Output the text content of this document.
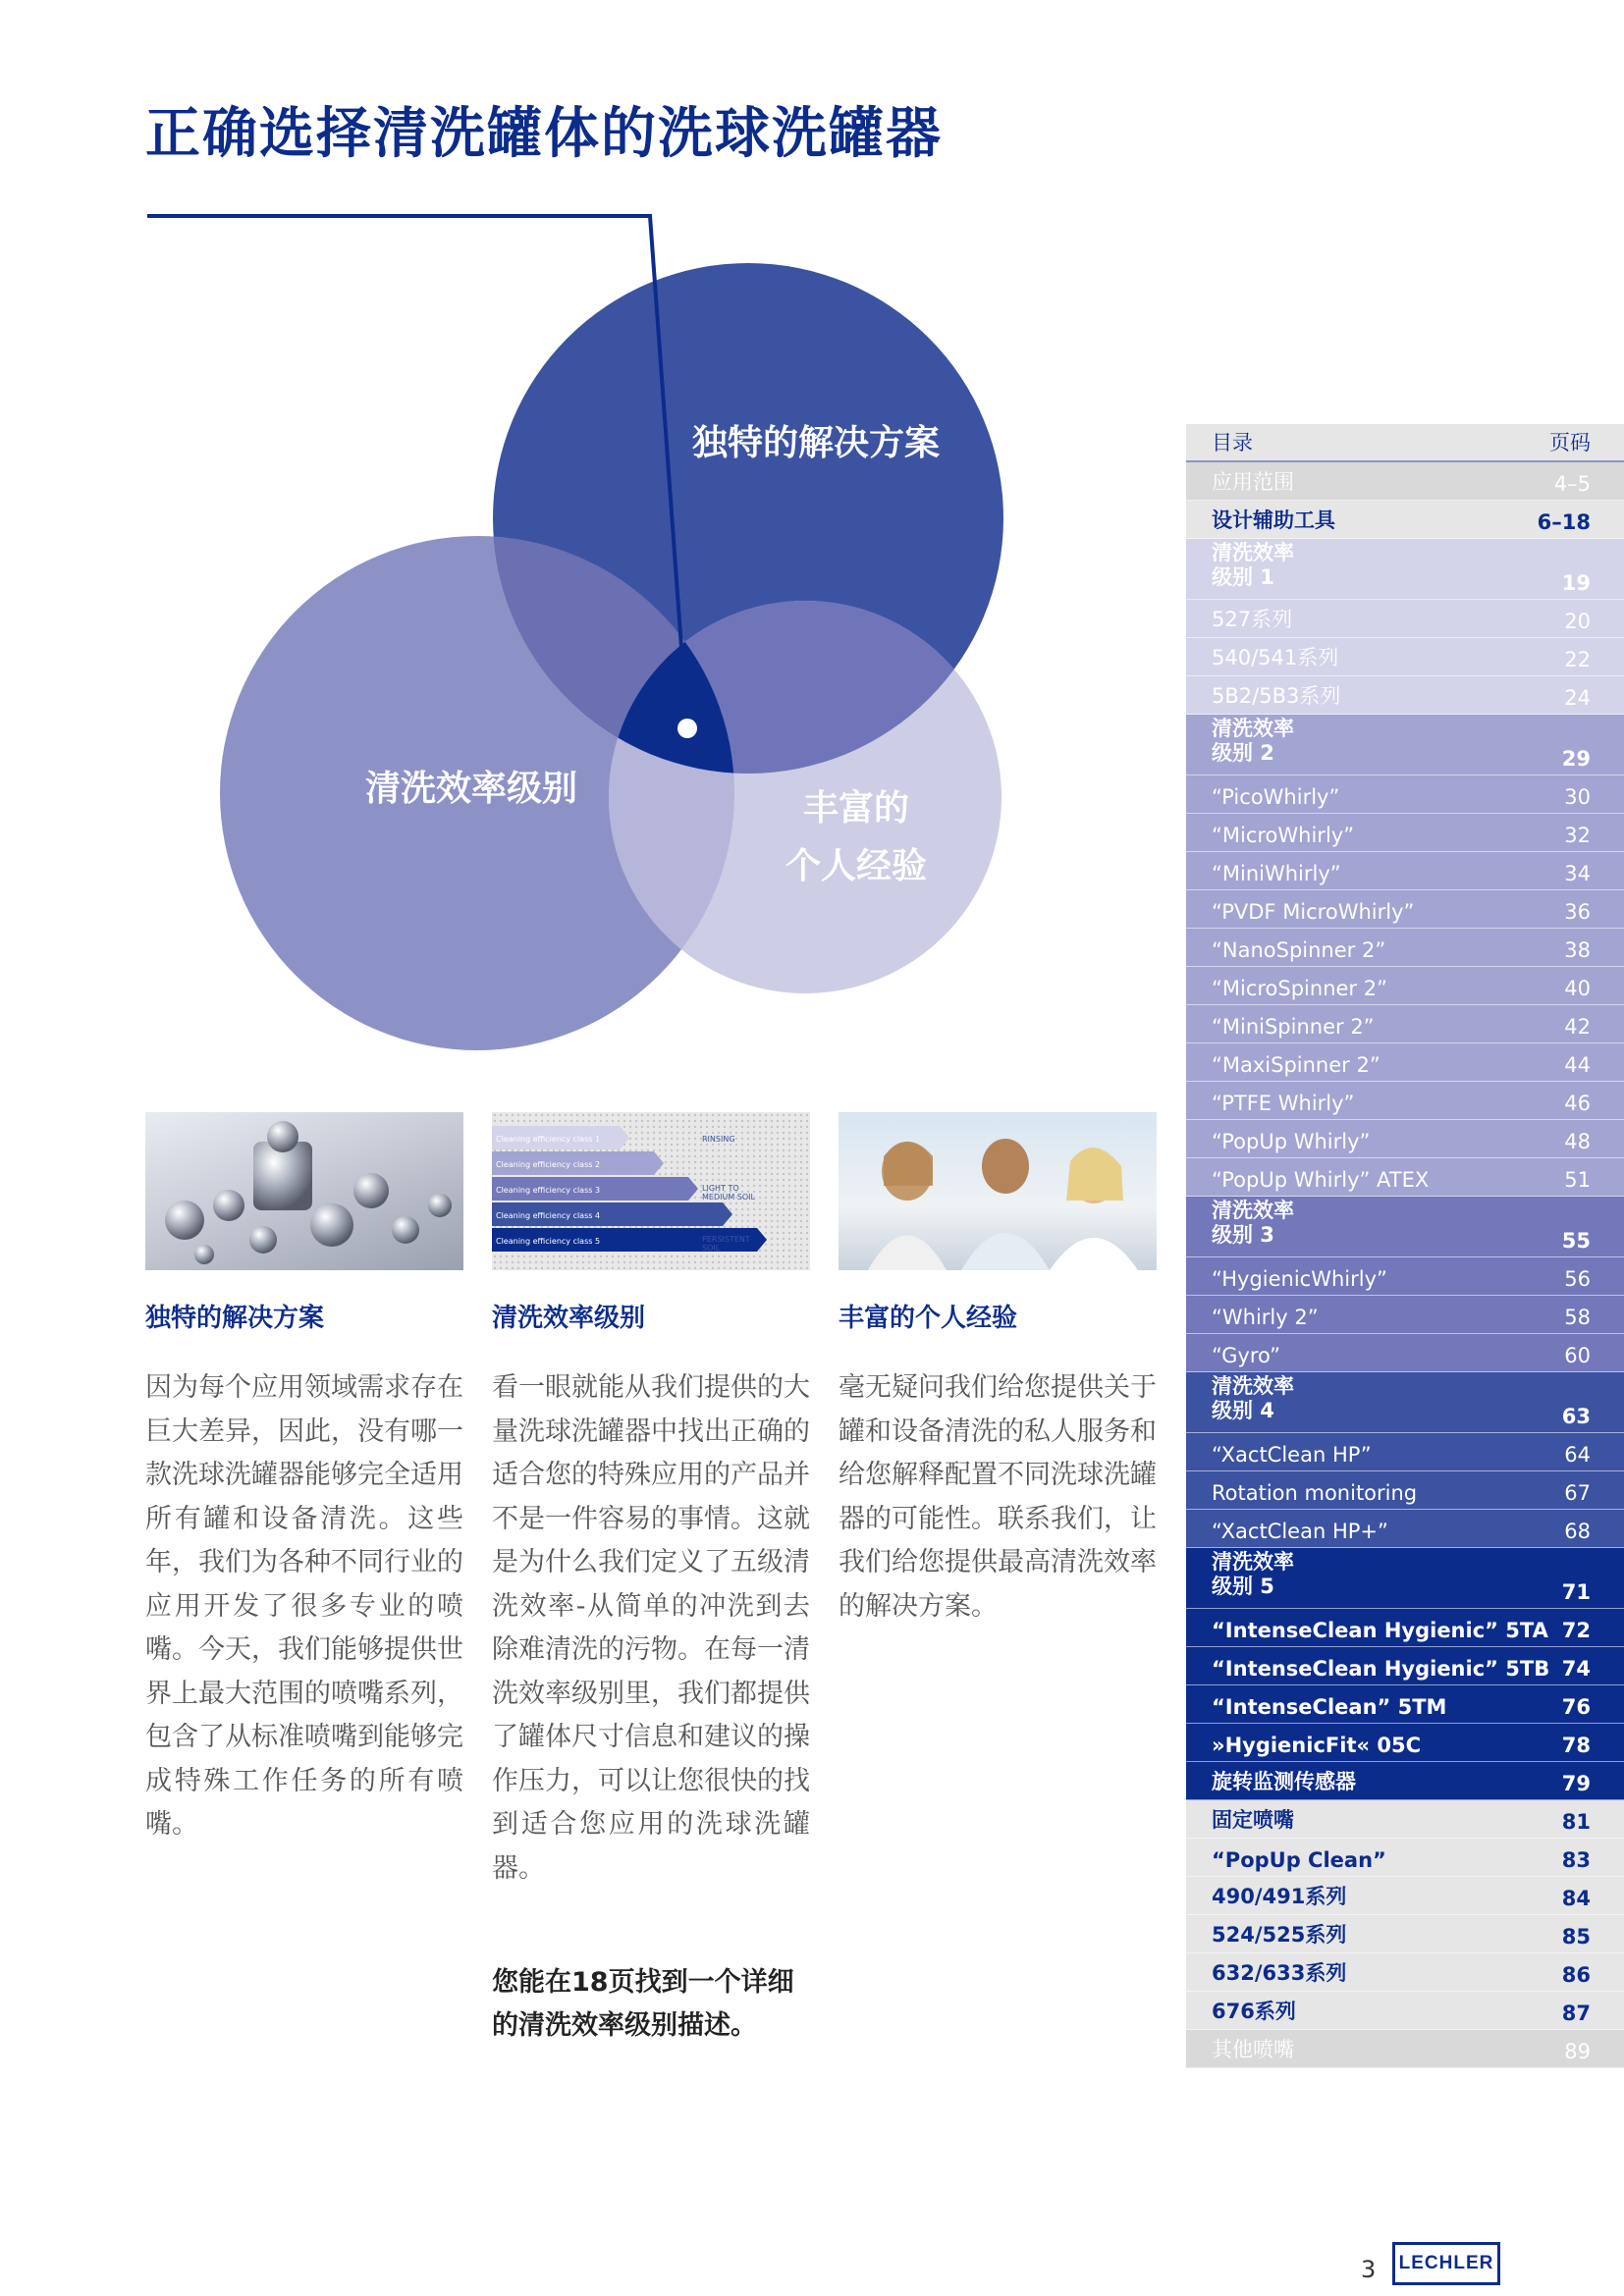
正确选择清洗罐体的洗球洗罐器
独特的解决方案
清洗效率级别	丰富的
个人经验
独特的解决方案

因为每个应用领域需求存在巨大差异，因此，没有哪一款洗球洗罐器能够完全适用所有罐和设备清洗。这些年，我们为各种不同行业的应用开发了很多专业的喷嘴。今天，我们能够提供世界上最大范围的喷嘴系列，包含了从标准喷嘴到能够完成特殊工作任务的所有喷嘴。

Cleaning efficiency class 1
Cleaning efficiency class 2
Cleaning efficiency class 3
Cleaning efficiency class 4
Cleaning efficiency class 5
RINSING
LIGHT TO MEDIUM SOIL
PERSISTENT SOIL
清洗效率级别

看一眼就能从我们提供的大量洗球洗罐器中找出正确的适合您的特殊应用的产品并不是一件容易的事情。这就是为什么我们定义了五级清洗效率-从简单的冲洗到去除难清洗的污物。在每一清洗效率级别里，我们都提供了罐体尺寸信息和建议的操作压力，可以让您很快的找到适合您应用的洗球洗罐器。

您能在18页找到一个详细的清洗效率级别描述。
丰富的个人经验

毫无疑问我们给您提供关于罐和设备清洗的私人服务和给您解释配置不同洗球洗罐器的可能性。联系我们，让我们给您提供最高清洗效率的解决方案。

目录	页码
应用范围	4–5
设计辅助工具	6–18
清洗效率
级别 1	19
527系列	20
540/541系列	22
5B2/5B3系列	24
清洗效率
级别 2	29
“PicoWhirly”	30
“MicroWhirly”	32
“MiniWhirly”	34
“PVDF MicroWhirly”	36
“NanoSpinner 2”	38
“MicroSpinner 2”	40
“MiniSpinner 2”	42
“MaxiSpinner 2”	44
“PTFE Whirly”	46
“PopUp Whirly”	48
“PopUp Whirly” ATEX	51
清洗效率
级别 3	55
“HygienicWhirly”	56
“Whirly 2”	58
“Gyro”	60
清洗效率
级别 4	63
“XactClean HP”	64
Rotation monitoring	67
“XactClean HP+”	68
清洗效率
级别 5	71
“IntenseClean Hygienic” 5TA 72
“IntenseClean Hygienic” 5TB 74
“IntenseClean” 5TM	76
»HygienicFit« 05C	78
旋转监测传感器	79
固定喷嘴	81
“PopUp Clean”	83
490/491系列	84
524/525系列	85
632/633系列	86
676系列	87
其他喷嘴	89
3 LECHLER
